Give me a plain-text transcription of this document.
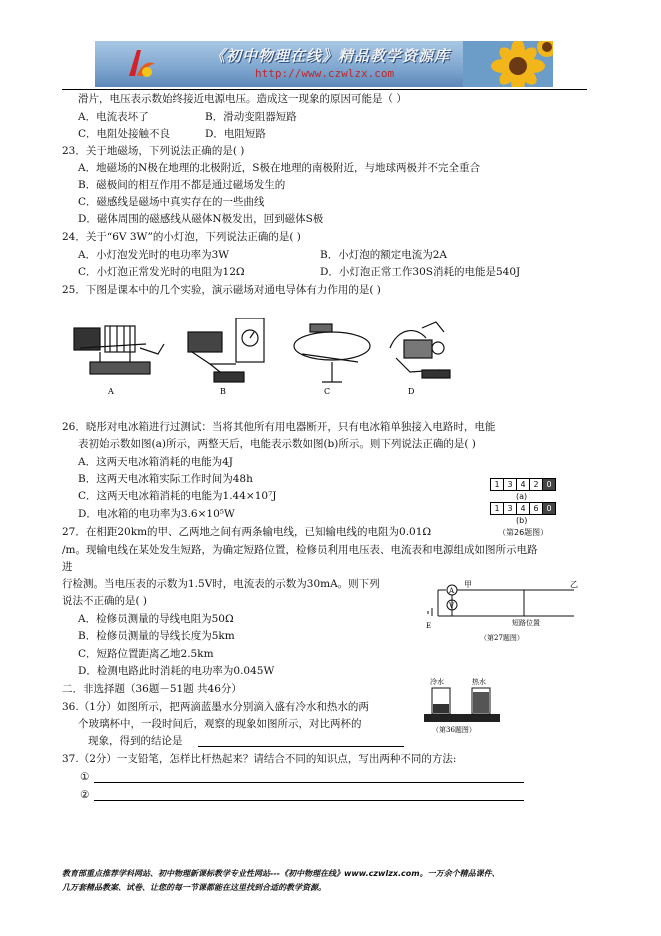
《初中物理在线》精品教学资源库
http://www.czwlzx.com
滑片，电压表示数始终接近电源电压。造成这一现象的原因可能是（ ）
A．电流表坏了	B．滑动变阻器短路
C．电阻处接触不良	D．电阻短路
23．关于地磁场，下列说法正确的是( )
A．地磁场的N极在地理的北极附近，S极在地理的南极附近，与地球两极并不完全重合
B．磁极间的相互作用不都是通过磁场发生的
C．磁感线是磁场中真实存在的一些曲线
D．磁体周围的磁感线从磁体N极发出，回到磁体S极
24．关于“6V 3W”的小灯泡，下列说法正确的是( )
A．小灯泡发光时的电功率为3W	B．小灯泡的额定电流为2A
C．小灯泡正常发光时的电阻为12Ω	D．小灯泡正常工作30S消耗的电能是540J
25．下图是课本中的几个实验，演示磁场对通电导体有力作用的是( )
A	B	C	D
26．晓彤对电冰箱进行过测试：当将其他所有用电器断开，只有电冰箱单独接入电路时，电能
表初始示数如图(a)所示，两整天后，电能表示数如图(b)所示。则下列说法正确的是( )
A．这两天电冰箱消耗的电能为4J
B．这两天电冰箱实际工作时间为48h
C．这两天电冰箱消耗的电能为1.44×10⁷J
D．电冰箱的电功率为3.6×10⁵W
1 3 4 2 0
(a)
1 3 4 6 0
(b)
（第26题图）
27．在相距20km的甲、乙两地之间有两条输电线，已知输电线的电阻为0.01Ω
/m。现输电线在某处发生短路，为确定短路位置，检修员利用电压表、电流表和电源组成如图所示电路
进
行检测。当电压表的示数为1.5V时，电流表的示数为30mA。则下列
说法不正确的是( )
A．检修员测量的导线电阻为50Ω
B．检修员测量的导线长度为5km
C．短路位置距离乙地2.5km
D．检测电路此时消耗的电功率为0.045W
A
V
甲	乙
E	短路位置
（第27题图）
二．非选择题（36题－51题 共46分）
36.（1分）如图所示，把两滴蓝墨水分别滴入盛有冷水和热水的两
个玻璃杯中，一段时间后，观察的现象如图所示，对比两杯的
现象，得到的结论是
冷水	热水
（第36题图）
37.（2分）一支铅笔，怎样比杆热起来？请结合不同的知识点，写出两种不同的方法:
①
②
教育部重点推荐学科网站、初中物理新课标教学专业性网站---《初中物理在线》www.czwlzx.com。一万余个精品课件、
几万套精品教案、试卷、让您的每一节课都能在这里找到合适的教学资源。
